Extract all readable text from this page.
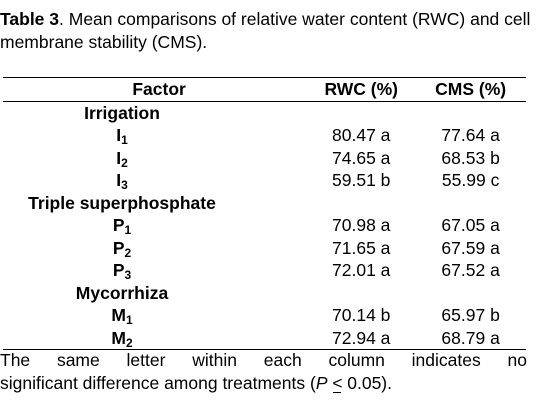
Table 3. Mean comparisons of relative water content (RWC) and cell membrane stability (CMS).
Factor	RWC (%)	CMS (%)
Irrigation		
$I_1$	80.47 a	77.64 a
$I_2$	74.65 a	68.53 b
$I_3$	59.51 b	55.99 c
Triple superphosphate		
$P_1$	70.98 a	67.05 a
$P_2$	71.65 a	67.59 a
$P_3$	72.01 a	67.52 a
Mycorrhiza		
$M_1$	70.14 b	65.97 b
$M_2$	72.94 a	68.79 a
The same letter within each column indicates no
significant difference among treatments (P < 0.05).
